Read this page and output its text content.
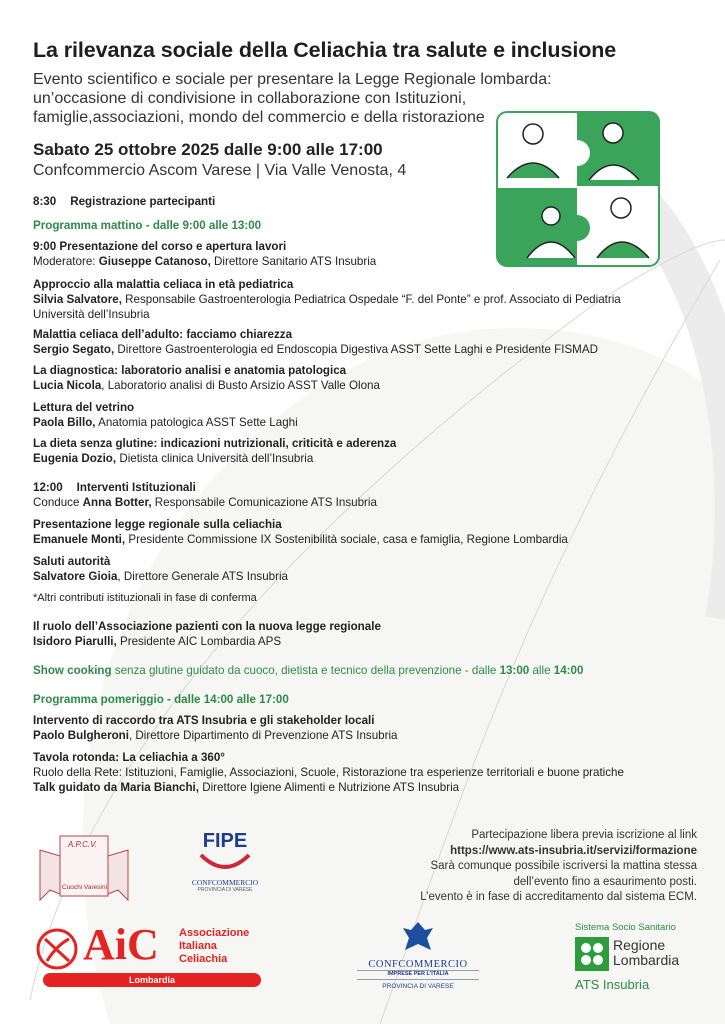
La rilevanza sociale della Celiachia tra salute e inclusione
Evento scientifico e sociale per presentare la Legge Regionale lombarda:
un’occasione di condivisione in collaborazione con Istituzioni,
famiglie,associazioni, mondo del commercio e della ristorazione
Sabato 25 ottobre 2025 dalle 9:00 alle 17:00
Confcommercio Ascom Varese | Via Valle Venosta, 4
8:30 Registrazione partecipanti
Programma mattino - dalle 9:00 alle 13:00
9:00 Presentazione del corso e apertura lavori
Moderatore: Giuseppe Catanoso, Direttore Sanitario ATS Insubria
Approccio alla malattia celiaca in età pediatrica
Silvia Salvatore, Responsabile Gastroenterologia Pediatrica Ospedale “F. del Ponte” e prof. Associato di Pediatria
Università dell’Insubria
Malattia celiaca dell’adulto: facciamo chiarezza
Sergio Segato, Direttore Gastroenterologia ed Endoscopia Digestiva ASST Sette Laghi e Presidente FISMAD
La diagnostica: laboratorio analisi e anatomia patologica
Lucia Nicola, Laboratorio analisi di Busto Arsizio ASST Valle Olona
Lettura del vetrino
Paola Billo, Anatomia patologica ASST Sette Laghi
La dieta senza glutine: indicazioni nutrizionali, criticità e aderenza
Eugenia Dozio, Dietista clinica Università dell’Insubria
12:00 Interventi Istituzionali
Conduce Anna Botter, Responsabile Comunicazione ATS Insubria
Presentazione legge regionale sulla celiachia
Emanuele Monti, Presidente Commissione IX Sostenibilità sociale, casa e famiglia, Regione Lombardia
Saluti autorità
Salvatore Gioia, Direttore Generale ATS Insubria
*Altri contributi istituzionali in fase di conferma
Il ruolo dell’Associazione pazienti con la nuova legge regionale
Isidoro Piarulli, Presidente AIC Lombardia APS
Show cooking senza glutine guidato da cuoco, dietista e tecnico della prevenzione - dalle 13:00 alle 14:00
Programma pomeriggio - dalle 14:00 alle 17:00
Intervento di raccordo tra ATS Insubria e gli stakeholder locali
Paolo Bulgheroni, Direttore Dipartimento di Prevenzione ATS Insubria
Tavola rotonda: La celiachia a 360°
Ruolo della Rete: Istituzioni, Famiglie, Associazioni, Scuole, Ristorazione tra esperienze territoriali e buone pratiche
Talk guidato da Maria Bianchi, Direttore Igiene Alimenti e Nutrizione ATS Insubria
Partecipazione libera previa iscrizione al link
https://www.ats-insubria.it/servizi/formazione
Sarà comunque possibile iscriversi la mattina stessa
dell’evento fino a esaurimento posti.
L’evento è in fase di accreditamento dal sistema ECM.
A.P.C.V.
Cuochi Varesini
FIPE
CONFCOMMERCIO
PROVINCIA DI VARESE
AiC Associazione
Italiana
Celiachia
Lombardia
CONFCOMMERCIO
IMPRESE PER L'ITALIA
PROVINCIA DI VARESE
Sistema Socio Sanitario
Regione
Lombardia
ATS Insubria
